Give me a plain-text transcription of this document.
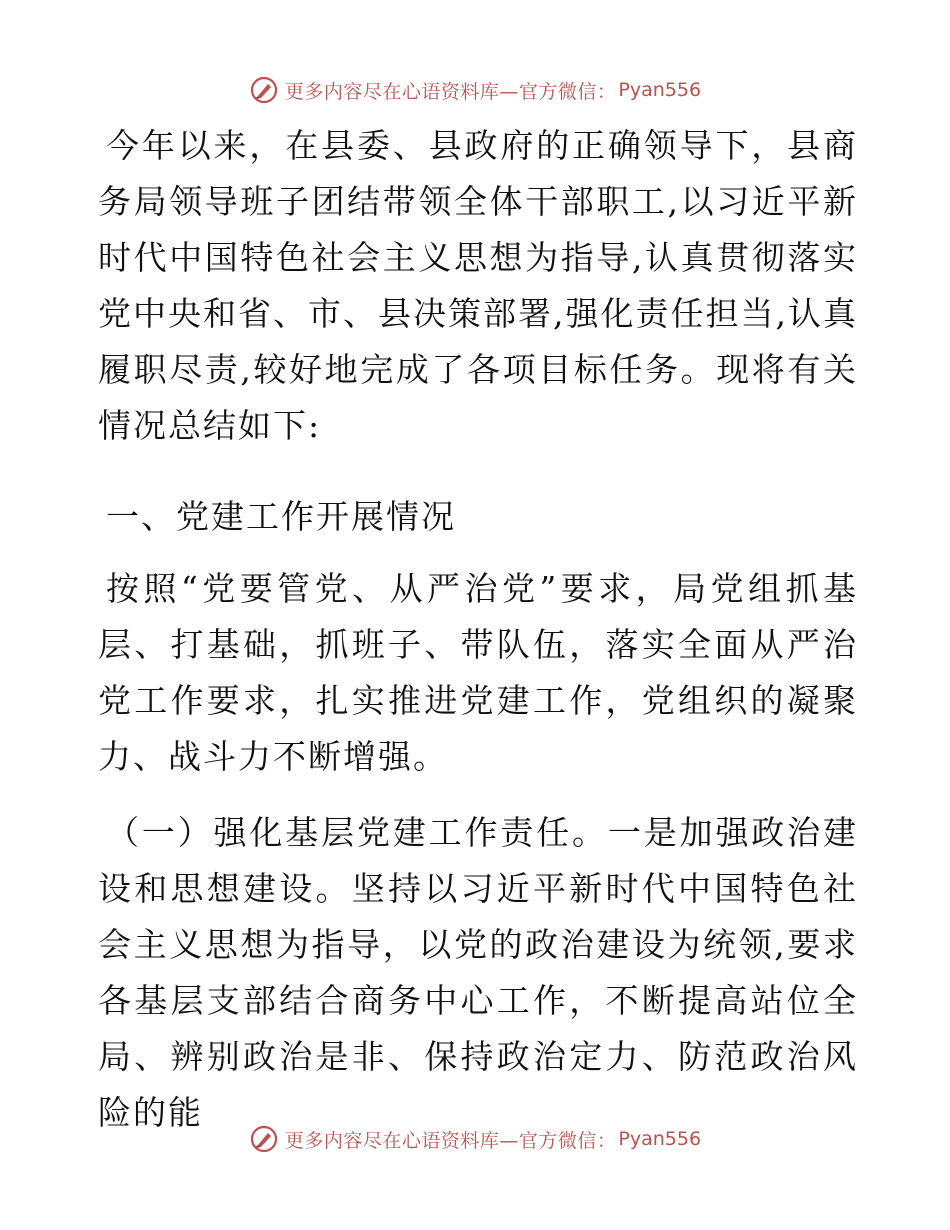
更多内容尽在心语资料库—官方微信： Pyan556

今年以来，在县委、县政府的正确领导下，县商务局领导班子团结带领全体干部职工,以习近平新时代中国特色社会主义思想为指导,认真贯彻落实党中央和省、市、县决策部署,强化责任担当,认真履职尽责,较好地完成了各项目标任务。现将有关情况总结如下:

一、党建工作开展情况

按照“党要管党、从严治党”要求，局党组抓基层、打基础，抓班子、带队伍，落实全面从严治党工作要求，扎实推进党建工作，党组织的凝聚力、战斗力不断增强。

（一）强化基层党建工作责任。一是加强政治建设和思想建设。坚持以习近平新时代中国特色社会主义思想为指导，以党的政治建设为统领,要求各基层支部结合商务中心工作，不断提高站位全局、辨别政治是非、保持政治定力、防范政治风险的能

更多内容尽在心语资料库—官方微信： Pyan556
